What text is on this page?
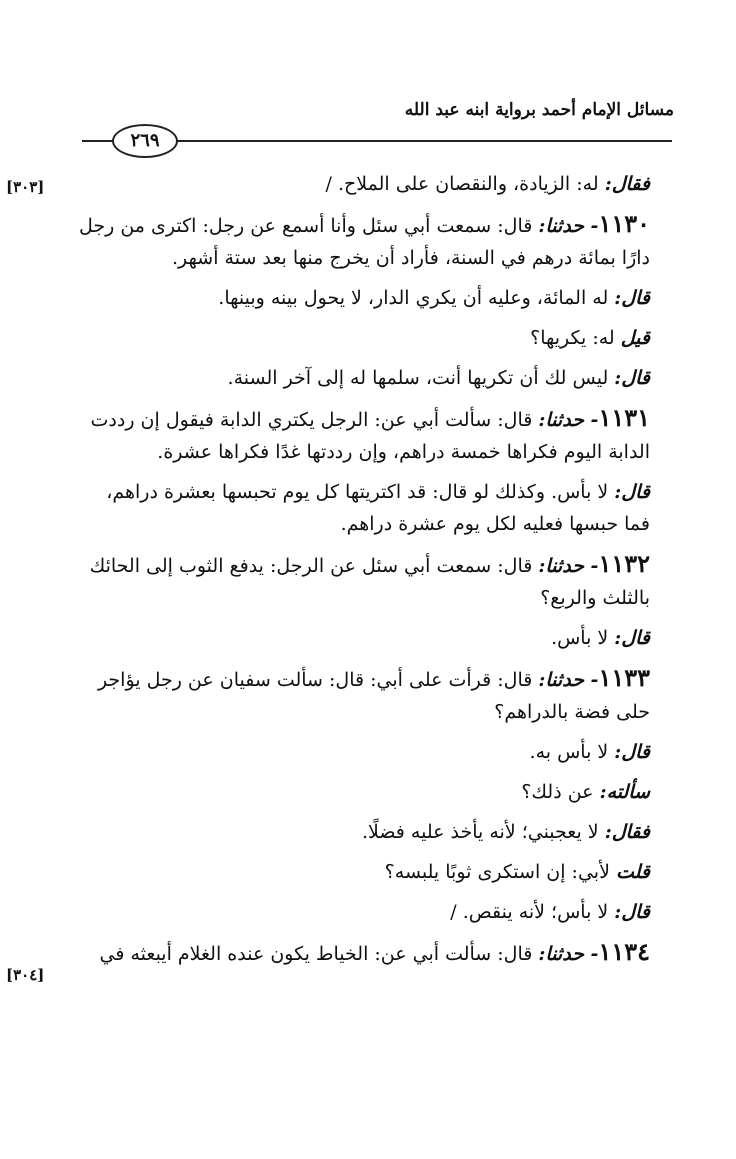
مسائل الإمام أحمد برواية ابنه عبد الله
٢٦٩
[٣٠٣]
[٣٠٤]

فقال: له: الزيادة، والنقصان على الملاح. /

١١٣٠- حدثنا: قال: سمعت أبي سئل وأنا أسمع عن رجل: اكترى من رجل دارًا بمائة درهم في السنة، فأراد أن يخرج منها بعد ستة أشهر.

قال: له المائة، وعليه أن يكري الدار، لا يحول بينه وبينها.

قيل له: يكريها؟

قال: ليس لك أن تكريها أنت، سلمها له إلى آخر السنة.

١١٣١- حدثنا: قال: سألت أبي عن: الرجل يكتري الدابة فيقول إن رددت الدابة اليوم فكراها خمسة دراهم، وإن رددتها غدًا فكراها عشرة.

قال: لا بأس. وكذلك لو قال: قد اكتريتها كل يوم تحبسها بعشرة دراهم، فما حبسها فعليه لكل يوم عشرة دراهم.

١١٣٢- حدثنا: قال: سمعت أبي سئل عن الرجل: يدفع الثوب إلى الحائك بالثلث والربع؟

قال: لا بأس.

١١٣٣- حدثنا: قال: قرأت على أبي: قال: سألت سفيان عن رجل يؤاجر حلى فضة بالدراهم؟

قال: لا بأس به.

سألته: عن ذلك؟

فقال: لا يعجبني؛ لأنه يأخذ عليه فضلًا.

قلت لأبي: إن استكرى ثوبًا يلبسه؟

قال: لا بأس؛ لأنه ينقص. /

١١٣٤- حدثنا: قال: سألت أبي عن: الخياط يكون عنده الغلام أيبعثه في
